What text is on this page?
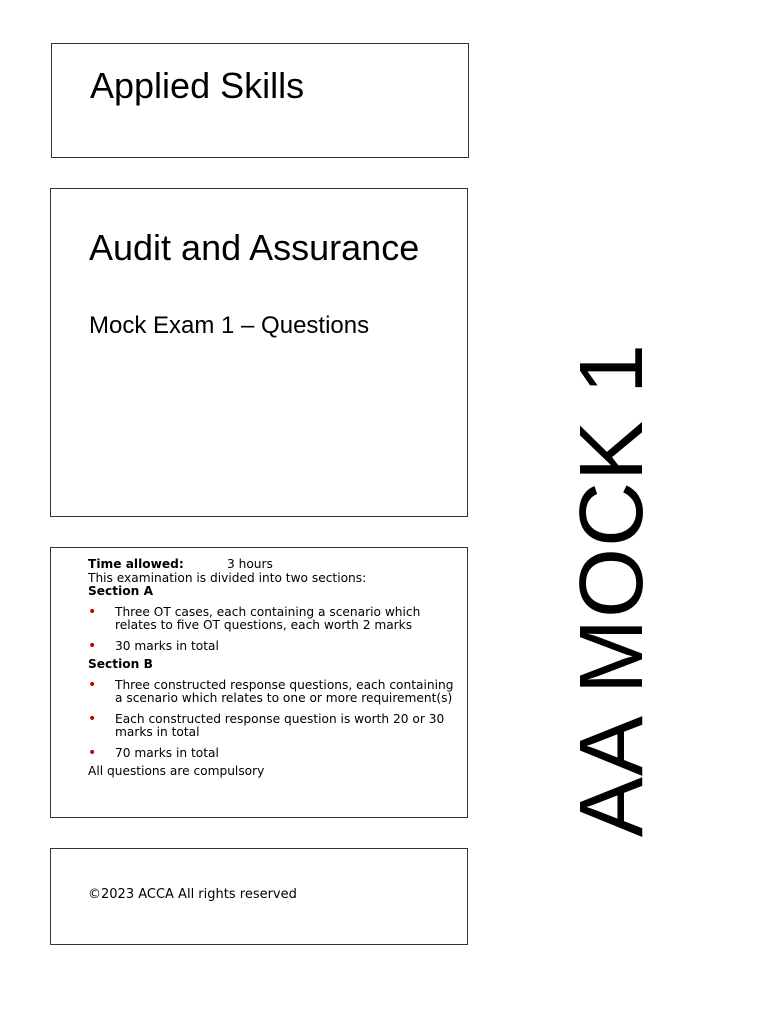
Applied Skills
Audit and Assurance
Mock Exam 1 – Questions
Time allowed:	3 hours

This examination is divided into two sections:

Section A

• Three OT cases, each containing a scenario which relates to five OT questions, each worth 2 marks
• 30 marks in total

Section B

• Three constructed response questions, each containing a scenario which relates to one or more requirement(s)
• Each constructed response question is worth 20 or 30 marks in total
• 70 marks in total

All questions are compulsory

©2023 ACCA All rights reserved
AA MOCK 1
